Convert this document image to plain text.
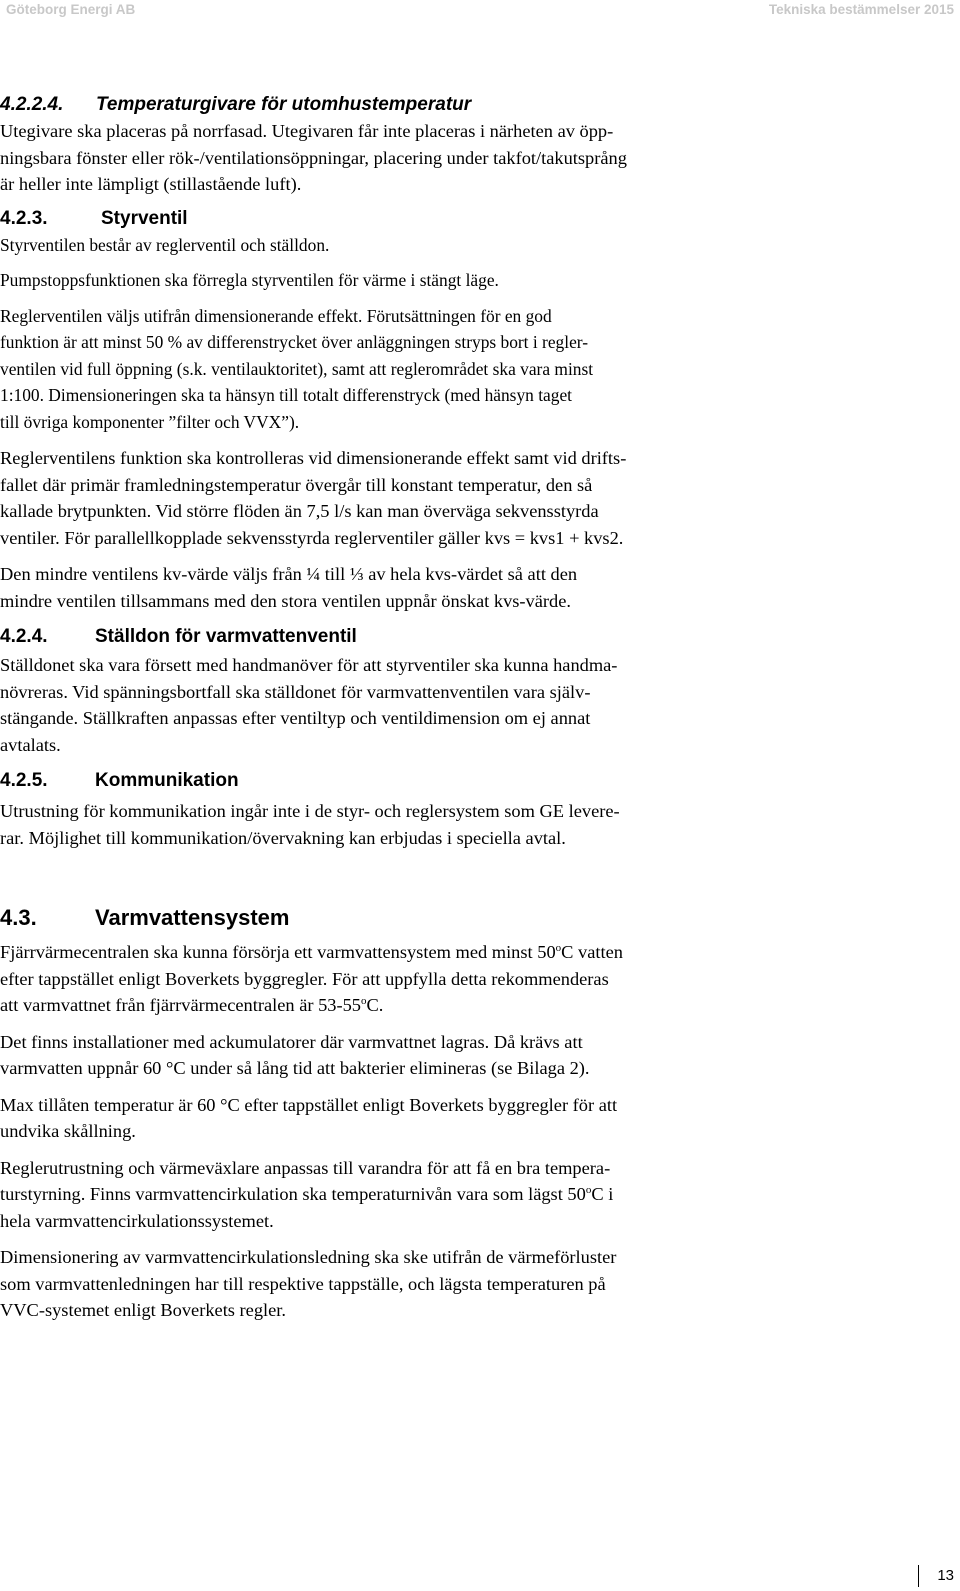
Göteborg Energi AB	Tekniska bestämmelser 2015
4.2.2.4. Temperaturgivare för utomhustemperatur
Utegivare ska placeras på norrfasad. Utegivaren får inte placeras i närheten av öpp-
ningsbara fönster eller rök-/ventilationsöppningar, placering under takfot/takutsprång
är heller inte lämpligt (stillastående luft).
4.2.3.	Styrventil
Styrventilen består av reglerventil och ställdon.
Pumpstoppsfunktionen ska förregla styrventilen för värme i stängt läge.
Reglerventilen väljs utifrån dimensionerande effekt. Förutsättningen för en god
funktion är att minst 50 % av differenstrycket över anläggningen stryps bort i regler-
ventilen vid full öppning (s.k. ventilauktoritet), samt att reglerområdet ska vara minst
1:100. Dimensioneringen ska ta hänsyn till totalt differenstryck (med hänsyn taget
till övriga komponenter ”filter och VVX”).
Reglerventilens funktion ska kontrolleras vid dimensionerande effekt samt vid drifts-
fallet där primär framledningstemperatur övergår till konstant temperatur, den så
kallade brytpunkten. Vid större flöden än 7,5 l/s kan man överväga sekvensstyrda
ventiler. För parallellkopplade sekvensstyrda reglerventiler gäller kvs = kvs1 + kvs2.
Den mindre ventilens kv-värde väljs från ¼ till ⅓ av hela kvs-värdet så att den
mindre ventilen tillsammans med den stora ventilen uppnår önskat kvs-värde.
4.2.4. Ställdon för varmvattenventil
Ställdonet ska vara försett med handmanöver för att styrventiler ska kunna handma-
növreras. Vid spänningsbortfall ska ställdonet för varmvattenventilen vara själv-
stängande. Ställkraften anpassas efter ventiltyp och ventildimension om ej annat
avtalats.
4.2.5. Kommunikation
Utrustning för kommunikation ingår inte i de styr- och reglersystem som GE levere-
rar. Möjlighet till kommunikation/övervakning kan erbjudas i speciella avtal.
4.3.	Varmvattensystem
Fjärrvärmecentralen ska kunna försörja ett varmvattensystem med minst 50$^o$C vatten
efter tappstället enligt Boverkets byggregler. För att uppfylla detta rekommenderas
att varmvattnet från fjärrvärmecentralen är 53-55$^o$C.
Det finns installationer med ackumulatorer där varmvattnet lagras. Då krävs att
varmvatten uppnår 60 °C under så lång tid att bakterier elimineras (se Bilaga 2).
Max tillåten temperatur är 60 °C efter tappstället enligt Boverkets byggregler för att
undvika skållning.
Reglerutrustning och värmeväxlare anpassas till varandra för att få en bra tempera-
turstyrning. Finns varmvattencirkulation ska temperaturnivån vara som lägst 50$^o$C i
hela varmvattencirkulationssystemet.
Dimensionering av varmvattencirkulationsledning ska ske utifrån de värmeförluster
som varmvattenledningen har till respektive tappställe, och lägsta temperaturen på
VVC-systemet enligt Boverkets regler.
13
